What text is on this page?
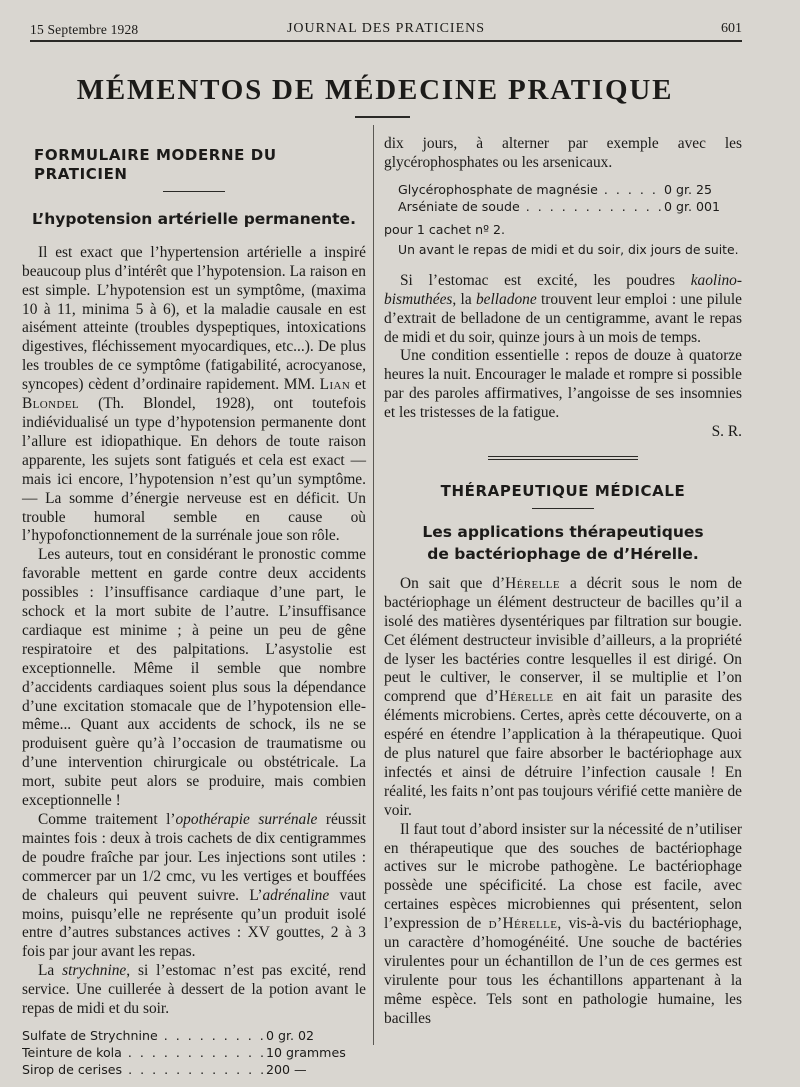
15 Septembre 1928	JOURNAL DES PRATICIENS	601
MÉMENTOS DE MÉDECINE PRATIQUE
FORMULAIRE MODERNE DU PRATICIEN
L’hypotension artérielle permanente.

Il est exact que l’hypertension artérielle a inspiré beaucoup plus d’intérêt que l’hypotension. La raison en est simple. L’hypotension est un symptôme, (maxima 10 à 11, minima 5 à 6), et la maladie causale en est aisément atteinte (troubles dyspeptiques, intoxications digestives, fléchissement myocardiques, etc...). De plus les troubles de ce symptôme (fatigabilité, acrocyanose, syncopes) cèdent d’ordinaire rapidement. MM. Lian et Blondel (Th. Blondel, 1928), ont toutefois indiévidualisé un type d’hypotension permanente dont l’allure est idiopathique. En dehors de toute raison apparente, les sujets sont fatigués et cela est exact — mais ici encore, l’hypotension n’est qu’un symptôme. — La somme d’énergie nerveuse est en déficit. Un trouble humoral semble en cause où l’hypofonctionnement de la surrénale joue son rôle.

Les auteurs, tout en considérant le pronostic comme favorable mettent en garde contre deux accidents possibles : l’insuffisance cardiaque d’une part, le schock et la mort subite de l’autre. L’insuffisance cardiaque est minime ; à peine un peu de gêne respiratoire et des palpitations. L’asystolie est exceptionnelle. Même il semble que nombre d’accidents cardiaques soient plus sous la dépendance d’une excitation stomacale que de l’hypotension elle-même... Quant aux accidents de schock, ils ne se produisent guère qu’à l’occasion de traumatisme ou d’une intervention chirurgicale ou obstétricale. La mort, subite peut alors se produire, mais combien exceptionnelle !

Comme traitement l’opothérapie surrénale réussit maintes fois : deux à trois cachets de dix centigrammes de poudre fraîche par jour. Les injections sont utiles : commercer par un 1/2 cmc, vu les vertiges et bouffées de chaleurs qui peuvent suivre. L’adrénaline vaut moins, puisqu’elle ne représente qu’un produit isolé entre d’autres substances actives : XV gouttes, 2 à 3 fois par jour avant les repas.

La strychnine, si l’estomac n’est pas excité, rend service. Une cuillerée à dessert de la potion avant le repas de midi et du soir.

Sulfate de Strychnine . . .	0 gr. 02
Teinture de kola . . .	10 grammes
Sirop de cerises . . .	200 —

dix jours, à alterner par exemple avec les glycérophosphates ou les arsenicaux.

Glycérophosphate de magnésie . . .	0 gr. 25
Arséniate de soude . . .	0 gr. 001
pour 1 cachet nº 2.
Un avant le repas de midi et du soir, dix jours de suite.

Si l’estomac est excité, les poudres kaolino-bismuthées, la belladone trouvent leur emploi : une pilule d’extrait de belladone de un centigramme, avant le repas de midi et du soir, quinze jours à un mois de temps.

Une condition essentielle : repos de douze à quatorze heures la nuit. Encourager le malade et rompre si possible par des paroles affirmatives, l’angoisse de ses insomnies et les tristesses de la fatigue.

S. R.

THÉRAPEUTIQUE MÉDICALE
Les applications thérapeutiques
de bactériophage de d’Hérelle.

On sait que d’Hérelle a décrit sous le nom de bactériophage un élément destructeur de bacilles qu’il a isolé des matières dysentériques par filtration sur bougie. Cet élément destructeur invisible d’ailleurs, a la propriété de lyser les bactéries contre lesquelles il est dirigé. On peut le cultiver, le conserver, il se multiplie et l’on comprend que d’Hérelle en ait fait un parasite des éléments microbiens. Certes, après cette découverte, on a espéré en étendre l’application à la thérapeutique. Quoi de plus naturel que faire absorber le bactériophage aux infectés et ainsi de détruire l’infection causale ! En réalité, les faits n’ont pas toujours vérifié cette manière de voir.

Il faut tout d’abord insister sur la nécessité de n’utiliser en thérapeutique que des souches de bactériophage actives sur le microbe pathogène. Le bactériophage possède une spécificité. La chose est facile, avec certaines espèces microbiennes qui présentent, selon l’expression de d’Hérelle, vis-à-vis du bactériophage, un caractère d’homogénéité. Une souche de bactéries virulentes pour un échantillon de l’un de ces germes est virulente pour tous les échantillons appartenant à la même espèce. Tels sont en pathologie humaine, les bacilles
